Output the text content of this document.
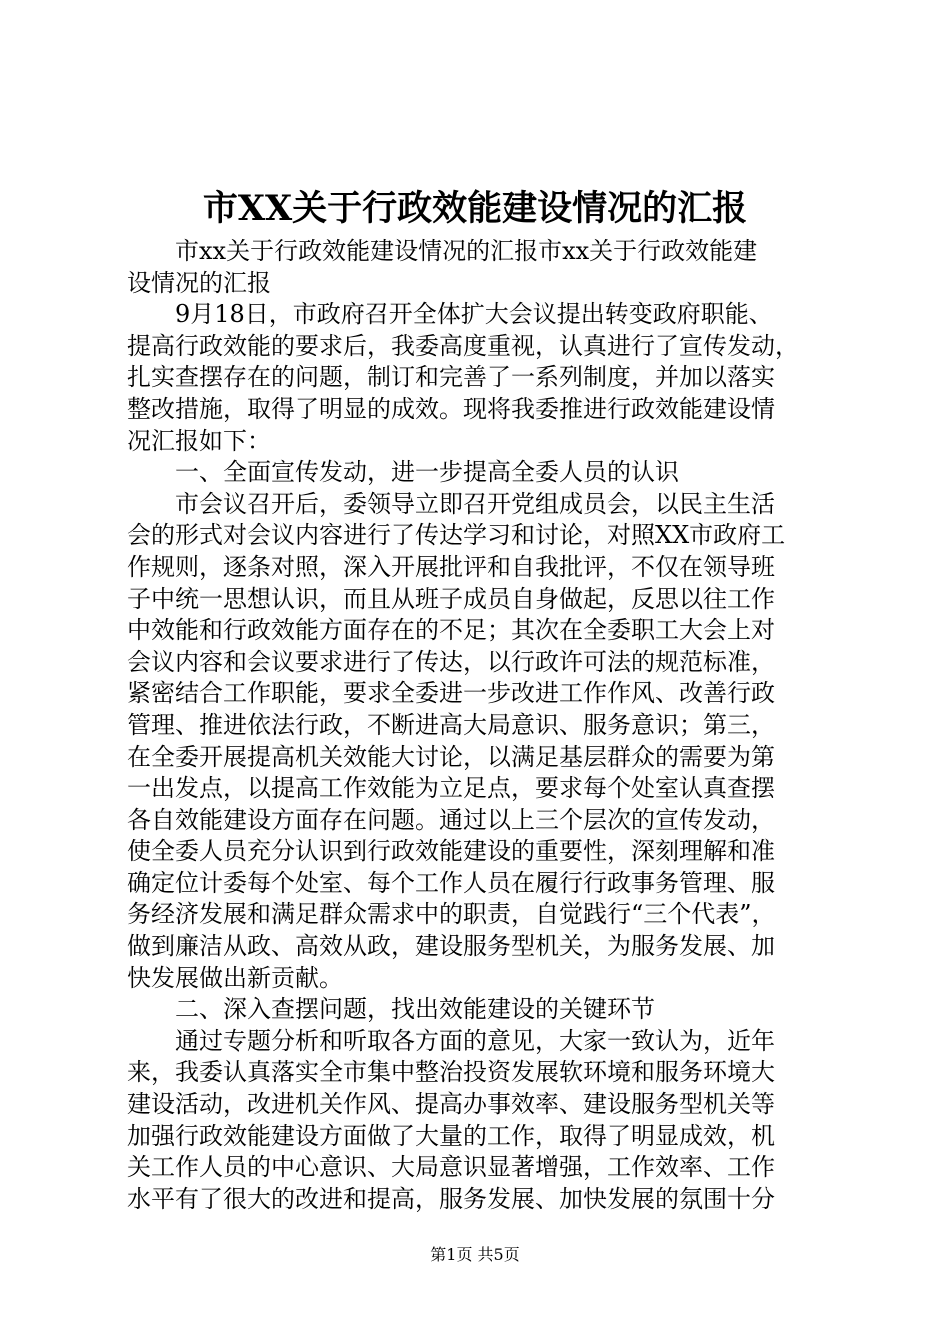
市XX关于行政效能建设情况的汇报
　　市xx关于行政效能建设情况的汇报市xx关于行政效能建
设情况的汇报
　　9月18日，市政府召开全体扩大会议提出转变政府职能、
提高行政效能的要求后，我委高度重视，认真进行了宣传发动，
扎实查摆存在的问题，制订和完善了一系列制度，并加以落实
整改措施，取得了明显的成效。现将我委推进行政效能建设情
况汇报如下：
　　一、全面宣传发动，进一步提高全委人员的认识
　　市会议召开后，委领导立即召开党组成员会，以民主生活
会的形式对会议内容进行了传达学习和讨论，对照XX市政府工
作规则，逐条对照，深入开展批评和自我批评，不仅在领导班
子中统一思想认识，而且从班子成员自身做起，反思以往工作
中效能和行政效能方面存在的不足；其次在全委职工大会上对
会议内容和会议要求进行了传达，以行政许可法的规范标准，
紧密结合工作职能，要求全委进一步改进工作作风、改善行政
管理、推进依法行政，不断进高大局意识、服务意识；第三，
在全委开展提高机关效能大讨论，以满足基层群众的需要为第
一出发点，以提高工作效能为立足点，要求每个处室认真查摆
各自效能建设方面存在问题。通过以上三个层次的宣传发动，
使全委人员充分认识到行政效能建设的重要性，深刻理解和准
确定位计委每个处室、每个工作人员在履行行政事务管理、服
务经济发展和满足群众需求中的职责，自觉践行“三个代表”，
做到廉洁从政、高效从政，建设服务型机关，为服务发展、加
快发展做出新贡献。
　　二、深入查摆问题，找出效能建设的关键环节
　　通过专题分析和听取各方面的意见，大家一致认为，近年
来，我委认真落实全市集中整治投资发展软环境和服务环境大
建设活动，改进机关作风、提高办事效率、建设服务型机关等
加强行政效能建设方面做了大量的工作，取得了明显成效，机
关工作人员的中心意识、大局意识显著增强，工作效率、工作
水平有了很大的改进和提高，服务发展、加快发展的氛围十分
第1页 共5页
